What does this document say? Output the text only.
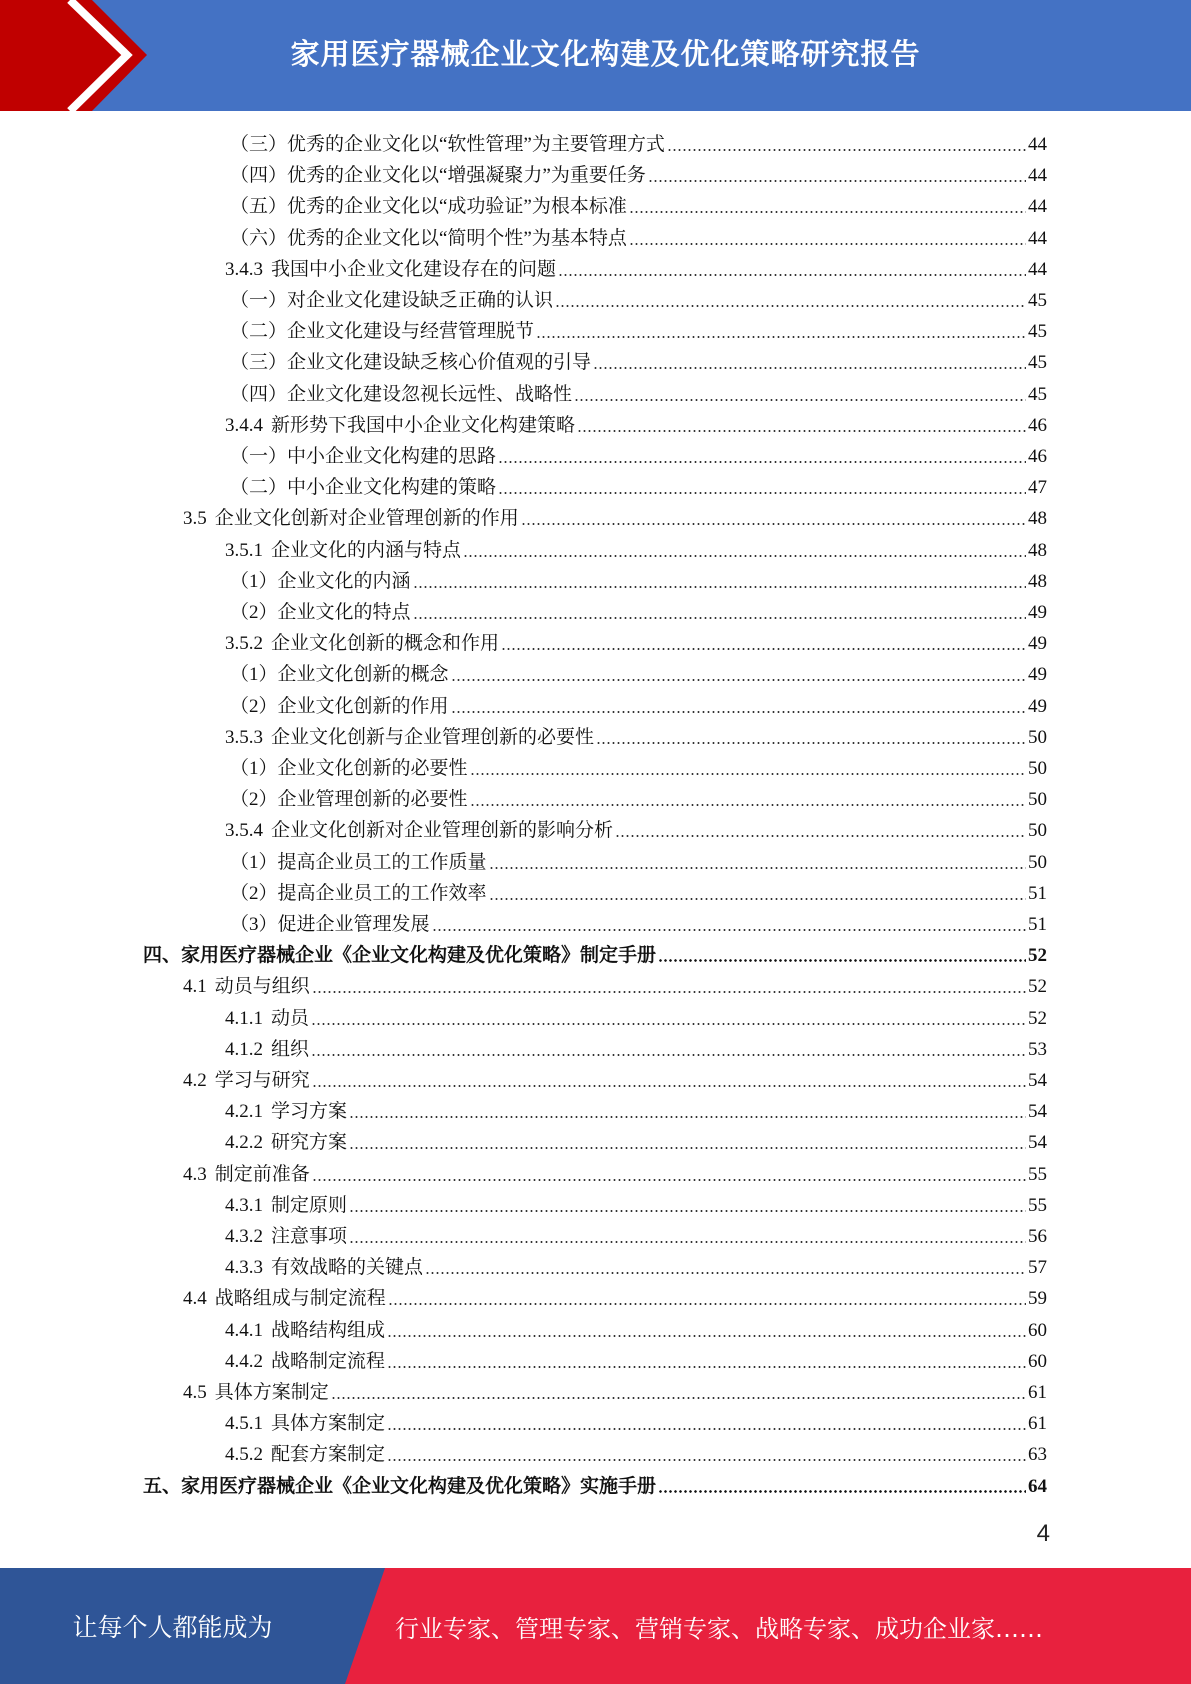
家用医疗器械企业文化构建及优化策略研究报告
（三）优秀的企业文化以“软性管理”为主要管理方式	44
（四）优秀的企业文化以“增强凝聚力”为重要任务	44
（五）优秀的企业文化以“成功验证”为根本标准	44
（六）优秀的企业文化以“简明个性”为基本特点	44
3.4.3 我国中小企业文化建设存在的问题	44
（一）对企业文化建设缺乏正确的认识	45
（二）企业文化建设与经营管理脱节	45
（三）企业文化建设缺乏核心价值观的引导	45
（四）企业文化建设忽视长远性、战略性	45
3.4.4 新形势下我国中小企业文化构建策略	46
（一）中小企业文化构建的思路	46
（二）中小企业文化构建的策略	47
3.5 企业文化创新对企业管理创新的作用	48
3.5.1 企业文化的内涵与特点	48
（1）企业文化的内涵	48
（2）企业文化的特点	49
3.5.2 企业文化创新的概念和作用	49
（1）企业文化创新的概念	49
（2）企业文化创新的作用	49
3.5.3 企业文化创新与企业管理创新的必要性	50
（1）企业文化创新的必要性	50
（2）企业管理创新的必要性	50
3.5.4 企业文化创新对企业管理创新的影响分析	50
（1）提高企业员工的工作质量	50
（2）提高企业员工的工作效率	51
（3）促进企业管理发展	51
四、家用医疗器械企业《企业文化构建及优化策略》制定手册	52
4.1 动员与组织	52
4.1.1 动员	52
4.1.2 组织	53
4.2 学习与研究	54
4.2.1 学习方案	54
4.2.2 研究方案	54
4.3 制定前准备	55
4.3.1 制定原则	55
4.3.2 注意事项	56
4.3.3 有效战略的关键点	57
4.4 战略组成与制定流程	59
4.4.1 战略结构组成	60
4.4.2 战略制定流程	60
4.5 具体方案制定	61
4.5.1 具体方案制定	61
4.5.2 配套方案制定	63
五、家用医疗器械企业《企业文化构建及优化策略》实施手册	64
4
让每个人都能成为	行业专家、管理专家、营销专家、战略专家、成功企业家……
